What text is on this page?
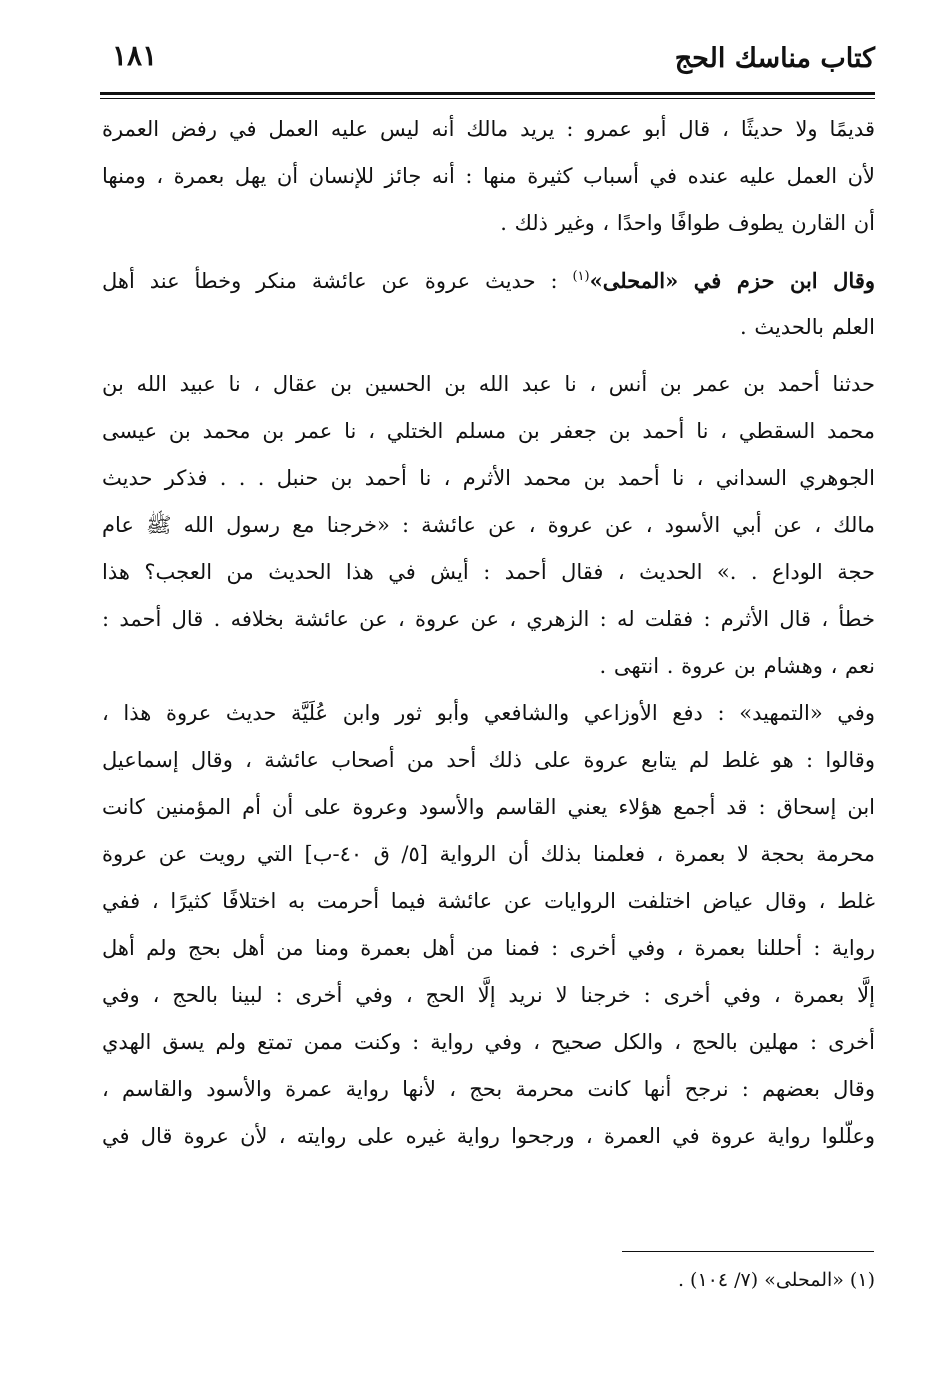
كتاب مناسك الحج
١٨١
قديمًا ولا حديثًا ، قال أبو عمرو : يريد مالك أنه ليس عليه العمل في رفض العمرة
لأن العمل عليه عنده في أسباب كثيرة منها : أنه جائز للإنسان أن يهل بعمرة ، ومنها
أن القارن يطوف طوافًا واحدًا ، وغير ذلك .
وقال ابن حزم في «المحلى»$^{(١)}$ : حديث عروة عن عائشة منكر وخطأ عند أهل
العلم بالحديث .
حدثنا أحمد بن عمر بن أنس ، نا عبد الله بن الحسين بن عقال ، نا عبيد الله بن
محمد السقطي ، نا أحمد بن جعفر بن مسلم الختلي ، نا عمر بن محمد بن عيسى
الجوهري السداني ، نا أحمد بن محمد الأثرم ، نا أحمد بن حنبل . . . فذكر حديث
مالك ، عن أبي الأسود ، عن عروة ، عن عائشة : «خرجنا مع رسول الله ﷺ عام
حجة الوداع . .» الحديث ، فقال أحمد : أيش في هذا الحديث من العجب؟ هذا
خطأ ، قال الأثرم : فقلت له : الزهري ، عن عروة ، عن عائشة بخلافه . قال أحمد :
نعم ، وهشام بن عروة . انتهى .
وفي «التمهيد» : دفع الأوزاعي والشافعي وأبو ثور وابن عُلَيَّة حديث عروة هذا ،
وقالوا : هو غلط لم يتابع عروة على ذلك أحد من أصحاب عائشة ، وقال إسماعيل
ابن إسحاق : قد أجمع هؤلاء يعني القاسم والأسود وعروة على أن أم المؤمنين كانت
محرمة بحجة لا بعمرة ، فعلمنا بذلك أن الرواية [٥/ ق ٤٠-ب] التي رويت عن عروة
غلط ، وقال عياض اختلفت الروايات عن عائشة فيما أحرمت به اختلافًا كثيرًا ، ففي
رواية : أحللنا بعمرة ، وفي أخرى : فمنا من أهل بعمرة ومنا من أهل بحج ولم أهل
إلَّا بعمرة ، وفي أخرى : خرجنا لا نريد إلَّا الحج ، وفي أخرى : لبينا بالحج ، وفي
أخرى : مهلين بالحج ، والكل صحيح ، وفي رواية : وكنت ممن تمتع ولم يسق الهدي
وقال بعضهم : نرجح أنها كانت محرمة بحج ، لأنها رواية عمرة والأسود والقاسم ،
وعلّلوا رواية عروة في العمرة ، ورجحوا رواية غيره على روايته ، لأن عروة قال في
(١) «المحلى» (٧/ ١٠٤) .
